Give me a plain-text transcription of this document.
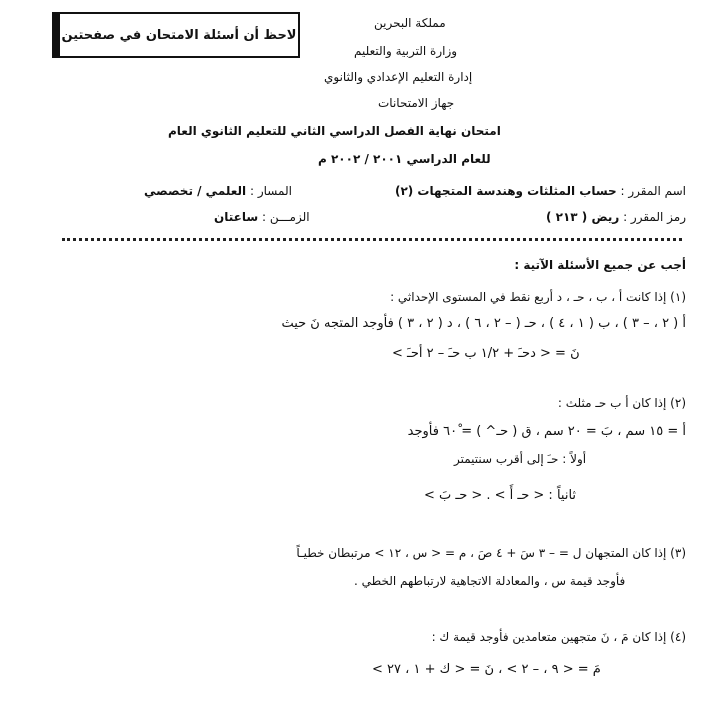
لاحظ أن أسئلة الامتحان في صفحتين
مملكة البحرين
وزارة التربية والتعليم
إدارة التعليم الإعدادي والثانوي
جهاز الامتحانات
امتحان نهاية الفصل الدراسي الثاني للتعليم الثانوي العام
للعام الدراسي ٢٠٠١ / ٢٠٠٢ م
اسم المقرر : حساب المثلثات وهندسة المتجهات (٢)
المسار : العلمي / تخصصي
رمز المقرر : ريض ( ٢١٣ )
الزمـــن : ساعتان
أجب عن جميع الأسئلة الآتية :
(١) إذا كانت أ ، ب ، حـ ، د أربع نقط في المستوى الإحداثي :
أ ( ٢ ، – ٣ ) ، ب ( ١ ، ٤ ) ، حـ ( – ٢ ، ٦ ) ، د ( ٢ ، ٣ ) فأوجد المتجه نَ حيث
نَ = < دحـَ + ١/٢ ب حـَ – ٢ أحـَ >
(٢) إذا كان أ ب حـ مثلث :
أ = ١٥ سم ، بَ = ٢٠ سم ، ق ( حـ^ ) = ٦٠ْ فأوجد
أولاً : حـَ إلى أقرب سنتيمتر
ثانياً : < حـ أَ > . < حـ بَ >
(٣) إذا كان المتجهان ل = – ٣ سَ + ٤ صَ ، م = < س ، ١٢ > مرتبطان خطيـاً
فأوجد قيمة س ، والمعادلة الاتجاهية لارتباطهم الخطي .
(٤) إذا كان مَ ، نَ متجهين متعامدين فأوجد قيمة ك :
مَ = < ٩ ، – ٢ > ، نَ = < ك + ١ ، ٢٧ >
